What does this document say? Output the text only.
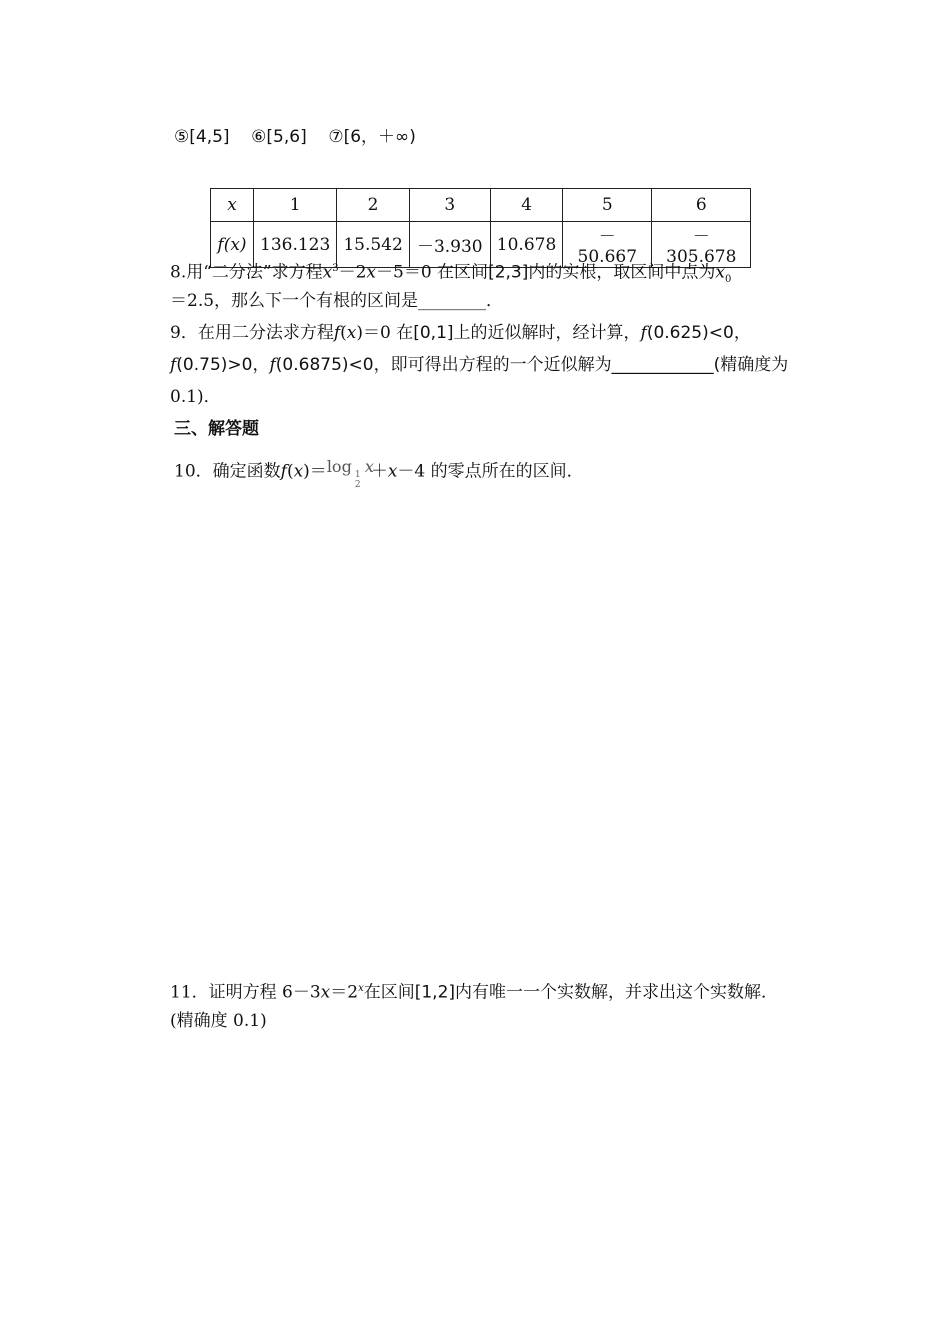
⑤[4,5] ⑥[5,6] ⑦[6，＋∞)
x	1	2	3	4	5	6
f(x)	136.123	15.542	－3.930	10.678	－50.667	－305.678
8.用“二分法”求方程$x^3-2x-5=0$ 在区间[2,3]内的实根，取区间中点为$x_0$
＝2.5，那么下一个有根的区间是________．
9．在用二分法求方程f(x)＝0 在[0,1]上的近似解时，经计算，f(0.625)<0，
f(0.75)>0，f(0.6875)<0，即可得出方程的一个近似解为____________(精确度为
0.1)．
三、解答题
10．确定函数f(x)＝ log 1
2
x
＋x－4 的零点所在的区间．
11．证明方程 $6-3x=2^x$在区间[1,2]内有唯一一个实数解，并求出这个实数解．
(精确度 0.1)
